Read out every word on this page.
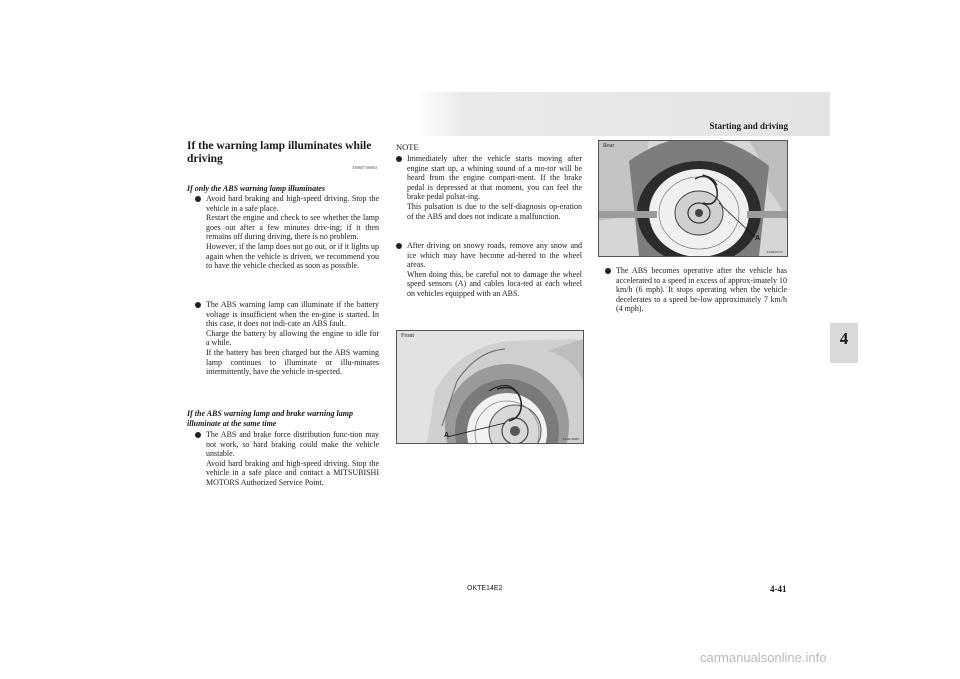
Starting and driving
4
If the warning lamp illuminates while driving
E00607100663
If only the ABS warning lamp illuminates

Avoid hard braking and high-speed driving. Stop the vehicle in a safe place.

Restart the engine and check to see whether the lamp goes out after a few minutes driv-ing; if it then remains off during driving, there is no problem.

However, if the lamp does not go out, or if it lights up again when the vehicle is driven, we recommend you to have the vehicle checked as soon as possible.

The ABS warning lamp can illuminate if the battery voltage is insufficient when the en-gine is started. In this case, it does not indi-cate an ABS fault.

Charge the battery by allowing the engine to idle for a while.

If the battery has been charged but the ABS warning lamp continues to illuminate or illu-minates intermittently, have the vehicle in-spected.

If the ABS warning lamp and brake warning lamp illuminate at the same time

The ABS and brake force distribution func-tion may not work, so hard braking could make the vehicle unstable.

Avoid hard braking and high-speed driving. Stop the vehicle in a safe place and contact a MITSUBISHI MOTORS Authorized Service Point.

NOTE

Immediately after the vehicle starts moving after engine start up, a whining sound of a mo-tor will be heard from the engine compart-ment. If the brake pedal is depressed at that moment, you can feel the brake pedal pulsat-ing.

This pulsation is due to the self-diagnosis op-eration of the ABS and does not indicate a malfunction.

After driving on snowy roads, remove any snow and ice which may have become ad-hered to the wheel areas.

When doing this, be careful not to damage the wheel speed sensors (A) and cables loca-ted at each wheel on vehicles equipped with an ABS.

Front
A	TA0618980
Rear
A
TA0620755

The ABS becomes operative after the vehicle has accelerated to a speed in excess of approx-imately 10 km/h (6 mph). It stops operating when the vehicle decelerates to a speed be-low approximately 7 km/h (4 mph).

OKTE14E2	4-41
carmanualsonline.info
